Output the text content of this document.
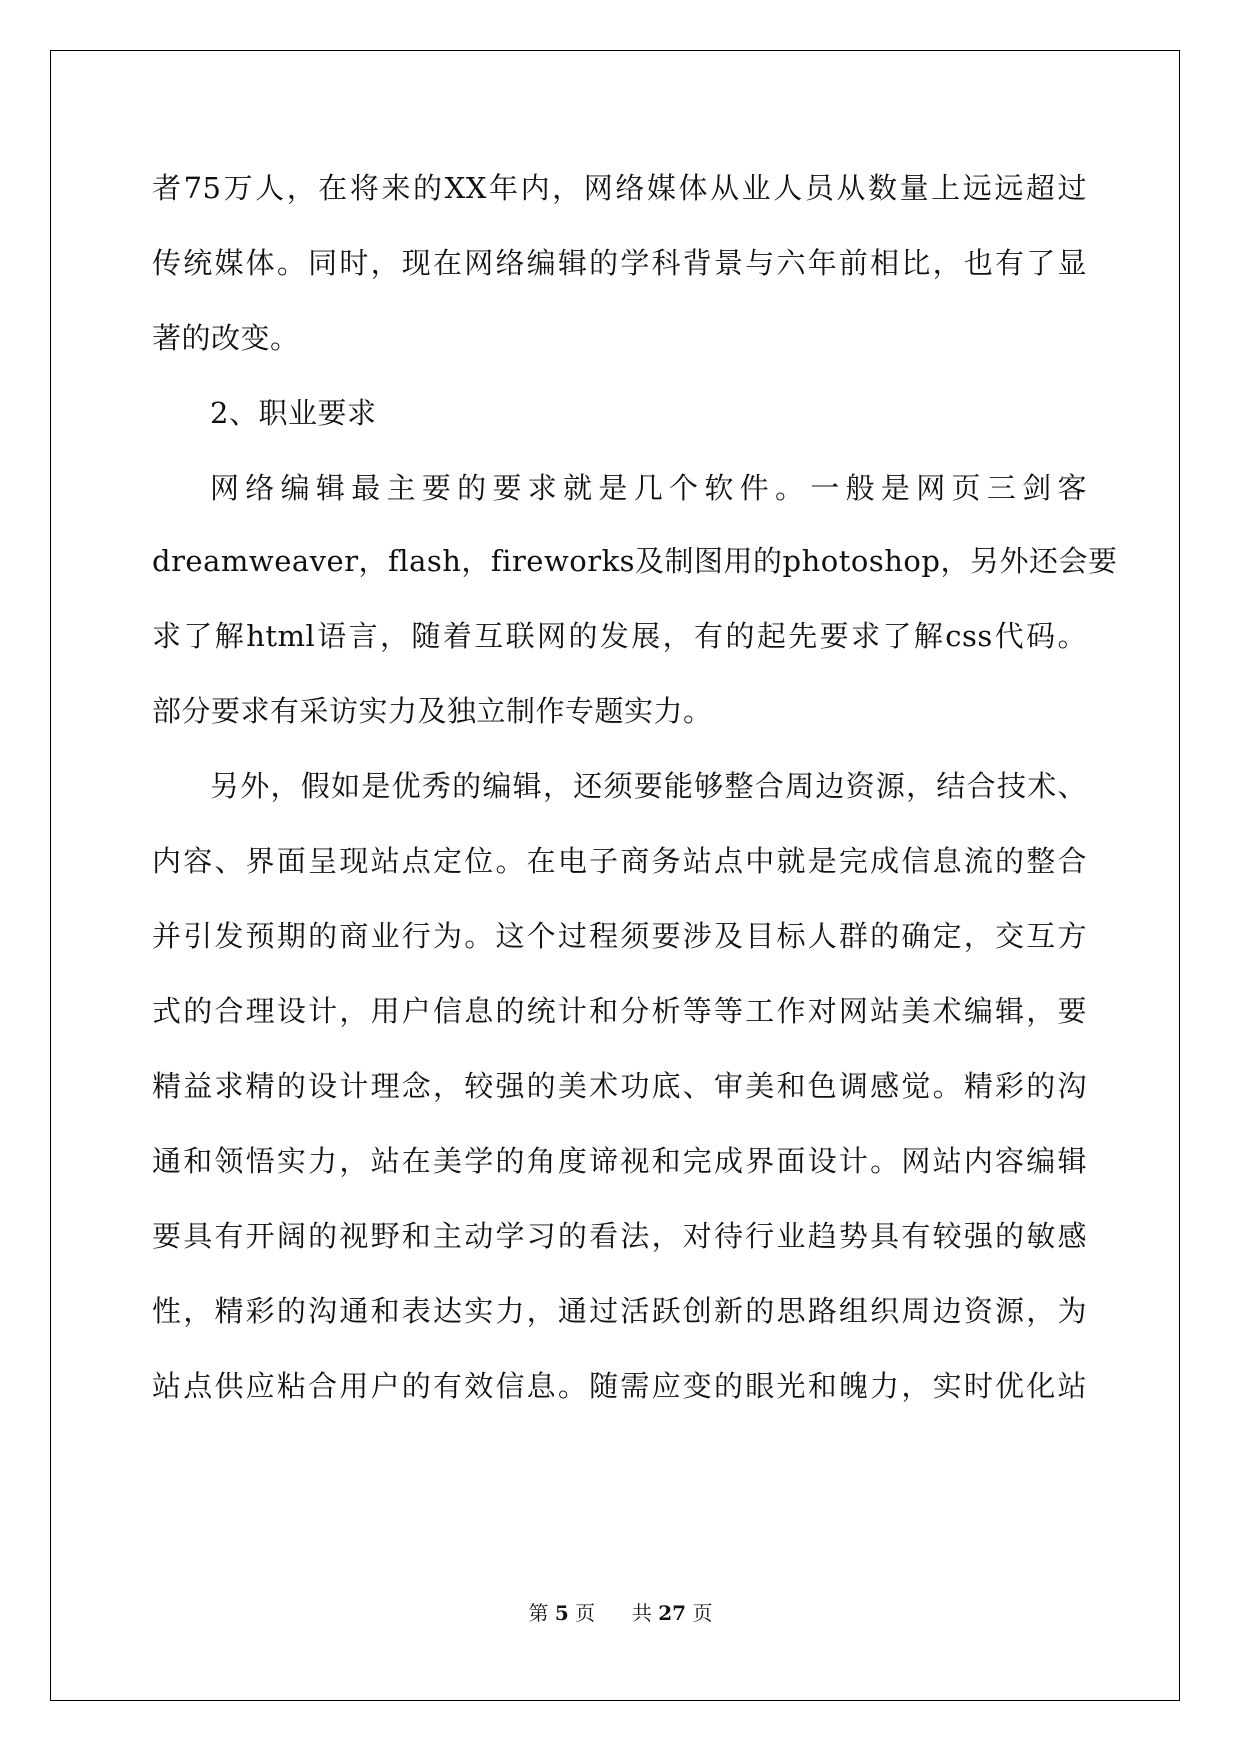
者75万人，在将来的XX年内，网络媒体从业人员从数量上远远超过
传统媒体。同时，现在网络编辑的学科背景与六年前相比，也有了显
著的改变。
2、职业要求
网络编辑最主要的要求就是几个软件。一般是网页三剑客
dreamweaver，flash，fireworks及制图用的photoshop，另外还会要
求了解html语言，随着互联网的发展，有的起先要求了解css代码。
部分要求有采访实力及独立制作专题实力。
另外，假如是优秀的编辑，还须要能够整合周边资源，结合技术、
内容、界面呈现站点定位。在电子商务站点中就是完成信息流的整合
并引发预期的商业行为。这个过程须要涉及目标人群的确定，交互方
式的合理设计，用户信息的统计和分析等等工作对网站美术编辑，要
精益求精的设计理念，较强的美术功底、审美和色调感觉。精彩的沟
通和领悟实力，站在美学的角度谛视和完成界面设计。网站内容编辑
要具有开阔的视野和主动学习的看法，对待行业趋势具有较强的敏感
性，精彩的沟通和表达实力，通过活跃创新的思路组织周边资源，为
站点供应粘合用户的有效信息。随需应变的眼光和魄力，实时优化站
第 5 页 共 27 页
